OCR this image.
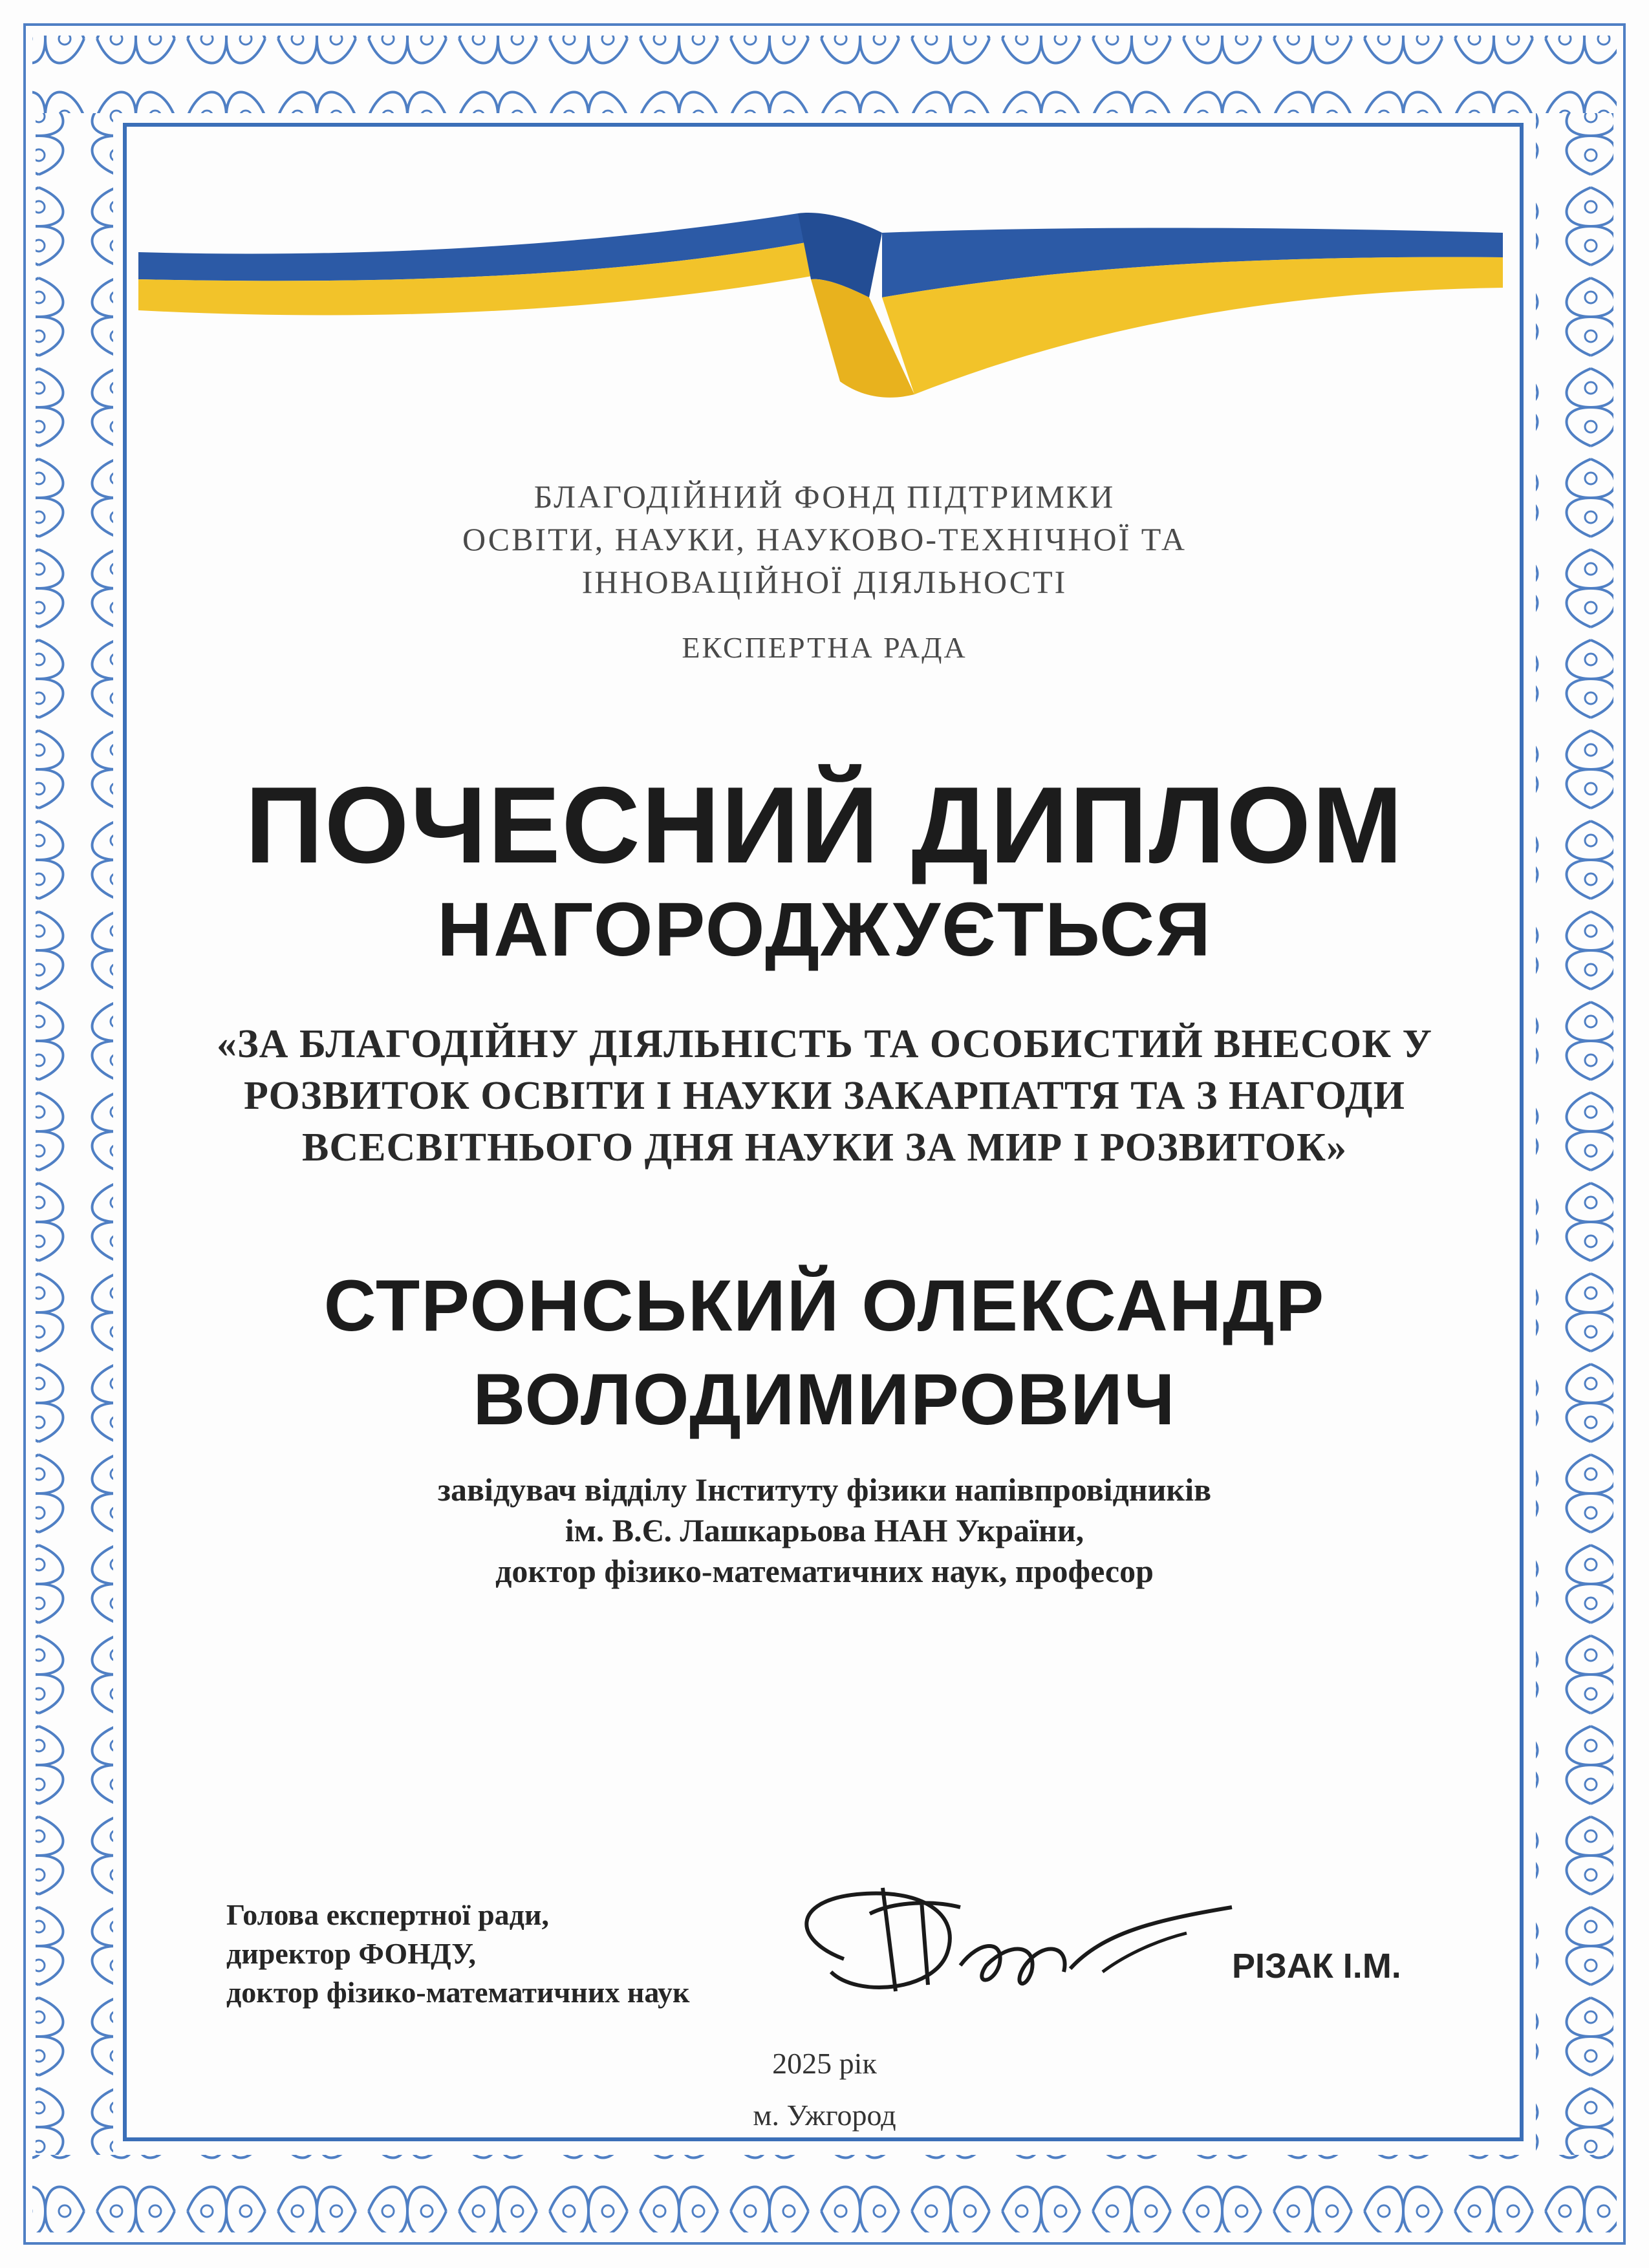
БЛАГОДІЙНИЙ ФОНД ПІДТРИМКИ
ОСВІТИ, НАУКИ, НАУКОВО-ТЕХНІЧНОЇ ТА
ІННОВАЦІЙНОЇ ДІЯЛЬНОСТІ
ЕКСПЕРТНА РАДА
ПОЧЕСНИЙ ДИПЛОМ
НАГОРОДЖУЄТЬСЯ
«ЗА БЛАГОДІЙНУ ДІЯЛЬНІСТЬ ТА ОСОБИСТИЙ ВНЕСОК У
РОЗВИТОК ОСВІТИ І НАУКИ ЗАКАРПАТТЯ ТА З НАГОДИ
ВСЕСВІТНЬОГО ДНЯ НАУКИ ЗА МИР І РОЗВИТОК»
СТРОНСЬКИЙ ОЛЕКСАНДР
ВОЛОДИМИРОВИЧ
завідувач відділу Інституту фізики напівпровідників
ім. В.Є. Лашкарьова НАН України,
доктор фізико-математичних наук, професор
Голова експертної ради,
директор ФОНДУ,
доктор фізико-математичних наук
РІЗАК І.М.
2025 рік
м. Ужгород
